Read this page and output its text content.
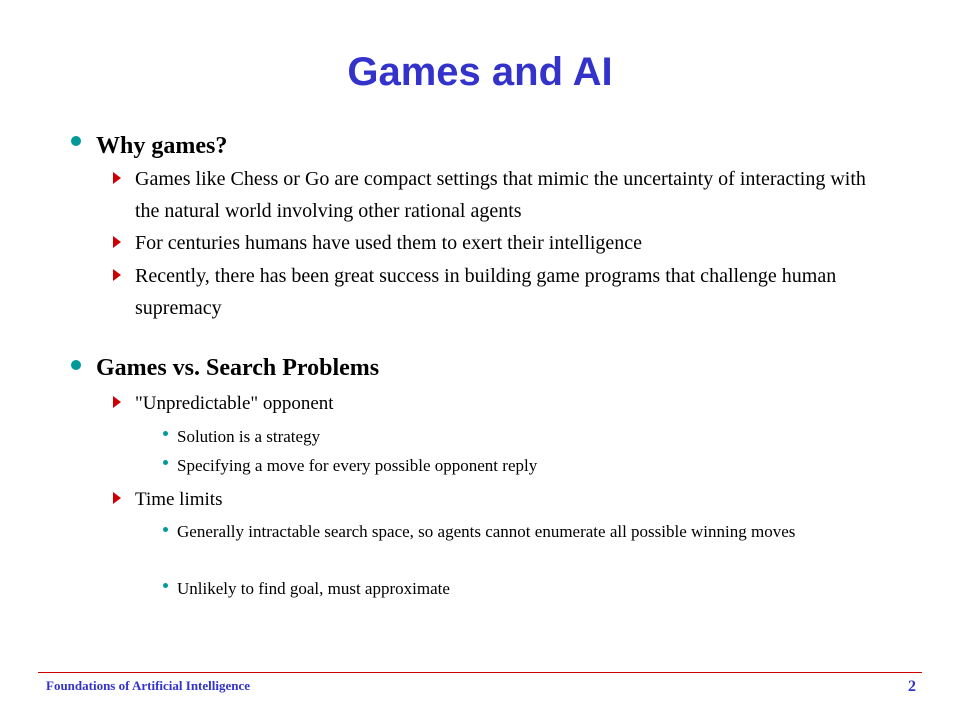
Games and AI
Why games?
Games like Chess or Go are compact settings that mimic the uncertainty of interacting with the natural world involving other rational agents
For centuries humans have used them to exert their intelligence
Recently, there has been great success in building game programs that challenge human supremacy
Games vs. Search Problems
"Unpredictable" opponent
Solution is a strategy
Specifying a move for every possible opponent reply
Time limits
Generally intractable search space, so agents cannot enumerate all possible winning moves
Unlikely to find goal, must approximate
Foundations of Artificial Intelligence	2
